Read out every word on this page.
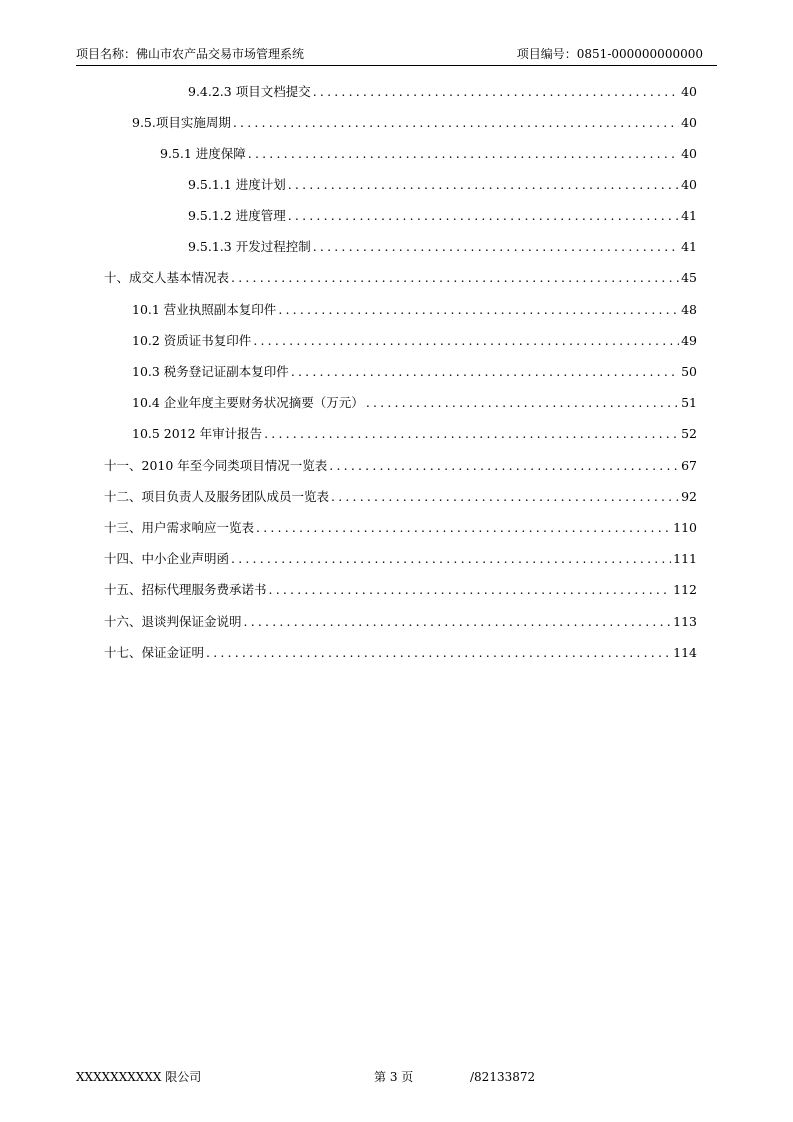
项目名称：佛山市农产品交易市场管理系统	项目编号：0851-000000000000
9.4.2.3 项目文档提交 .....	40
9.5.项目实施周期 .....	40
9.5.1 进度保障 .....	40
9.5.1.1 进度计划 .....	40
9.5.1.2 进度管理 .....	41
9.5.1.3 开发过程控制 .....	41
十、成交人基本情况表 .....	45
10.1 营业执照副本复印件 .....	48
10.2 资质证书复印件 .....	49
10.3 税务登记证副本复印件 .....	50
10.4 企业年度主要财务状况摘要（万元） .....	51
10.5 2012 年审计报告 .....	52
十一、2010 年至今同类项目情况一览表 .....	67
十二、项目负责人及服务团队成员一览表 .....	92
十三、用户需求响应一览表 .....	110
十四、中小企业声明函 .....	111
十五、招标代理服务费承诺书 .....	112
十六、退谈判保证金说明 .....	113
十七、保证金证明 .....	114
XXXXXXXXXX 限公司	第 3 页	/82133872
